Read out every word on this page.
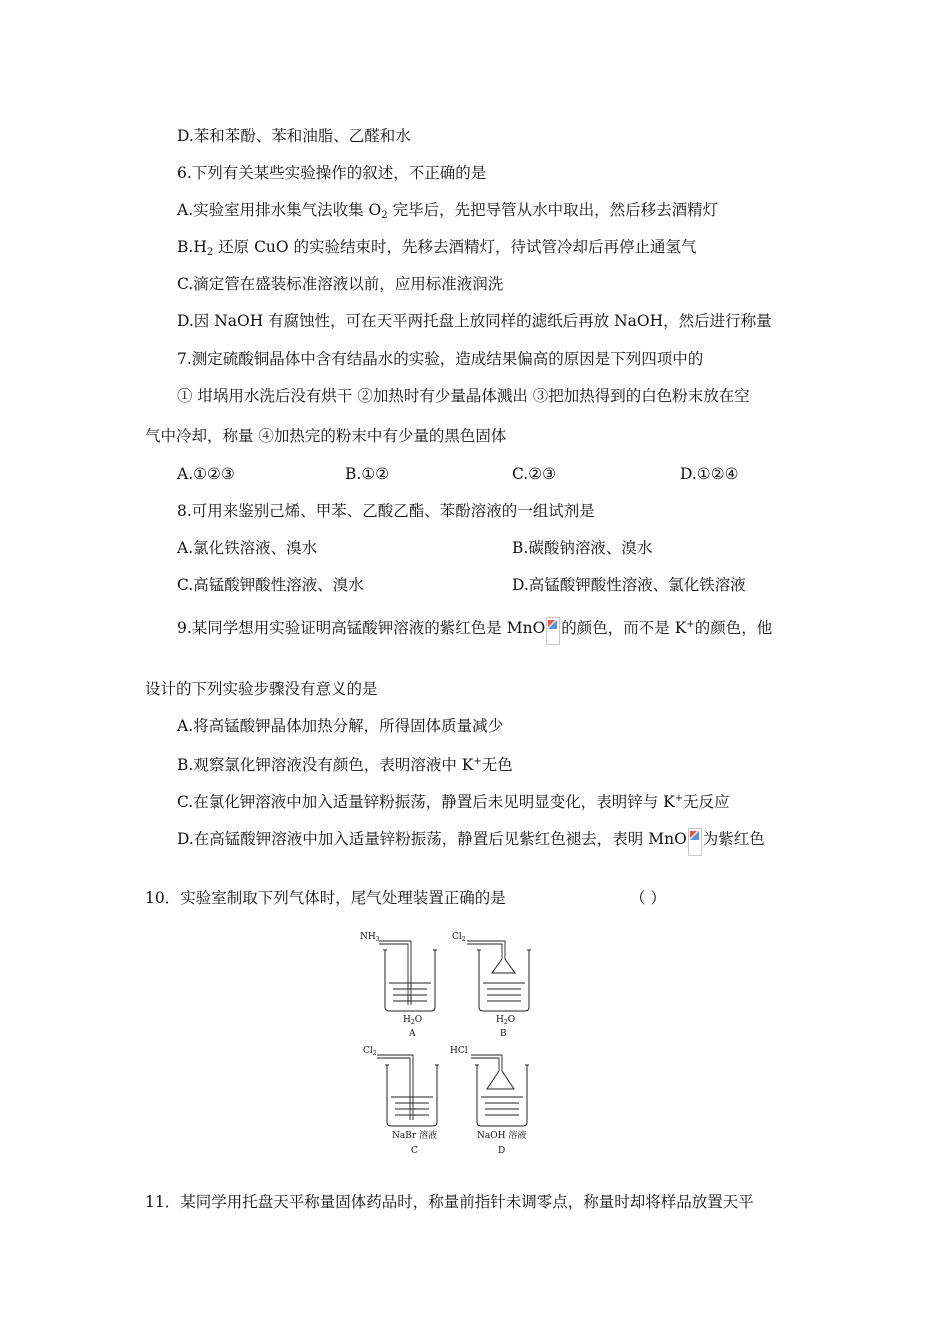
D.苯和苯酚、苯和油脂、乙醛和水
6.下列有关某些实验操作的叙述，不正确的是
A.实验室用排水集气法收集 $O_2$ 完毕后，先把导管从水中取出，然后移去酒精灯
$B.H_2$ 还原 CuO 的实验结束时，先移去酒精灯，待试管冷却后再停止通氢气
C.滴定管在盛装标准溶液以前，应用标准液润洗
D.因 NaOH 有腐蚀性，可在天平两托盘上放同样的滤纸后再放 NaOH，然后进行称量
7.测定硫酸铜晶体中含有结晶水的实验，造成结果偏高的原因是下列四项中的
① 坩埚用水洗后没有烘干 ②加热时有少量晶体溅出 ③把加热得到的白色粉末放在空
气中冷却，称量 ④加热完的粉末中有少量的黑色固体
A.①②③	B.①②	C.②③	D.①②④
8.可用来鉴别己烯、甲苯、乙酸乙酯、苯酚溶液的一组试剂是
A.氯化铁溶液、溴水	B.碳酸钠溶液、溴水
C.高锰酸钾酸性溶液、溴水	D.高锰酸钾酸性溶液、氯化铁溶液
9.某同学想用实验证明高锰酸钾溶液的紫红色是 MnO 的颜色，而不是 K+的颜色，他
设计的下列实验步骤没有意义的是
A.将高锰酸钾晶体加热分解，所得固体质量减少
B.观察氯化钾溶液没有颜色，表明溶液中 K+无色
C.在氯化钾溶液中加入适量锌粉振荡，静置后未见明显变化，表明锌与 K+无反应
D.在高锰酸钾溶液中加入适量锌粉振荡，静置后见紫红色褪去，表明 MnO 为紫红色
10．实验室制取下列气体时，尾气处理装置正确的是	（ ）
$NH_3$	$Cl_2$
$Cl_2$	HCl
$H_2O$	$H_2O$
NaBr 溶液	NaOH 溶液
A	B
C	D
11．某同学用托盘天平称量固体药品时，称量前指针未调零点，称量时却将样品放置天平
